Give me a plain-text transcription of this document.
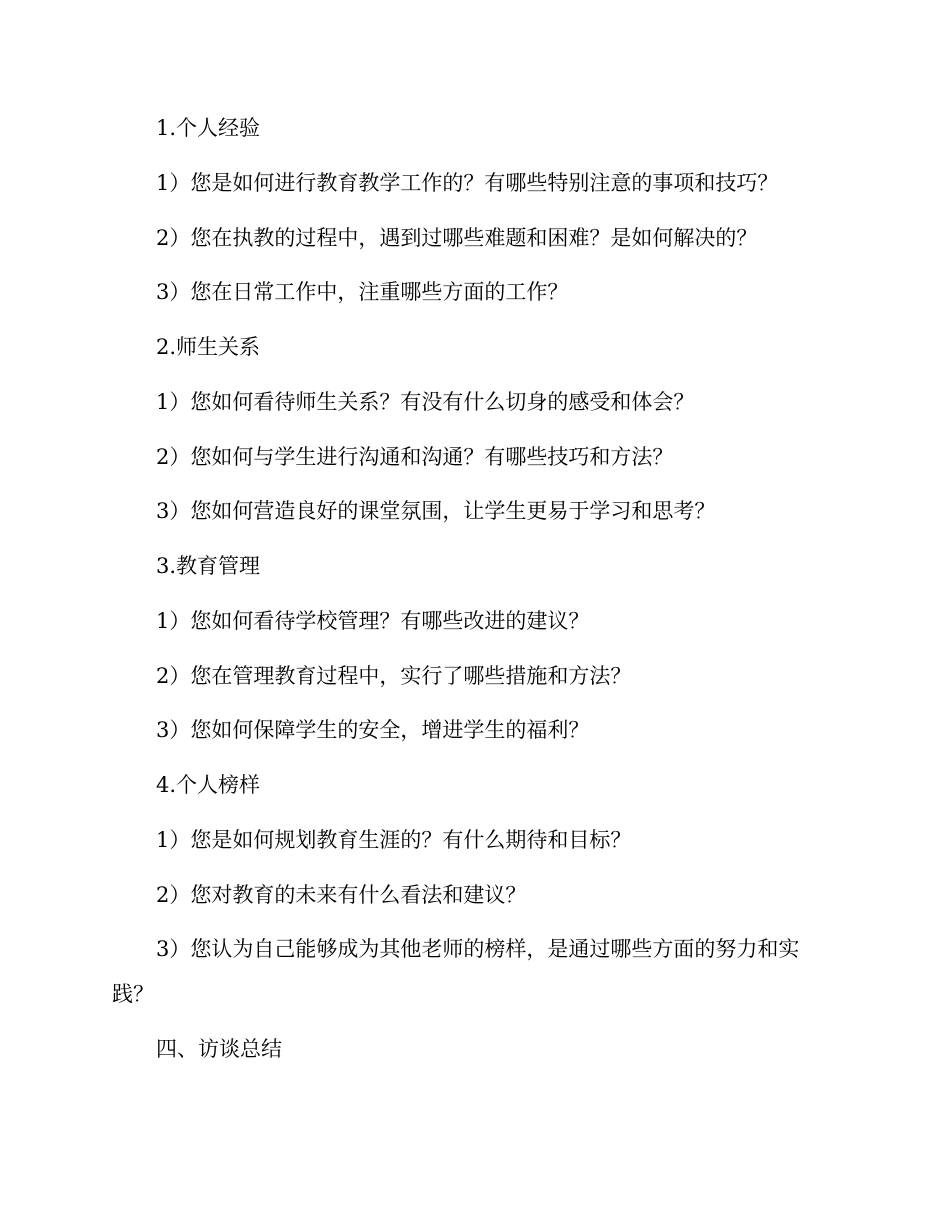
1.个人经验
1）您是如何进行教育教学工作的？有哪些特别注意的事项和技巧？
2）您在执教的过程中，遇到过哪些难题和困难？是如何解决的？
3）您在日常工作中，注重哪些方面的工作？
2.师生关系
1）您如何看待师生关系？有没有什么切身的感受和体会？
2）您如何与学生进行沟通和沟通？有哪些技巧和方法？
3）您如何营造良好的课堂氛围，让学生更易于学习和思考？
3.教育管理
1）您如何看待学校管理？有哪些改进的建议？
2）您在管理教育过程中，实行了哪些措施和方法？
3）您如何保障学生的安全，增进学生的福利？
4.个人榜样
1）您是如何规划教育生涯的？有什么期待和目标？
2）您对教育的未来有什么看法和建议？
3）您认为自己能够成为其他老师的榜样，是通过哪些方面的努力和实
践？
四、访谈总结
